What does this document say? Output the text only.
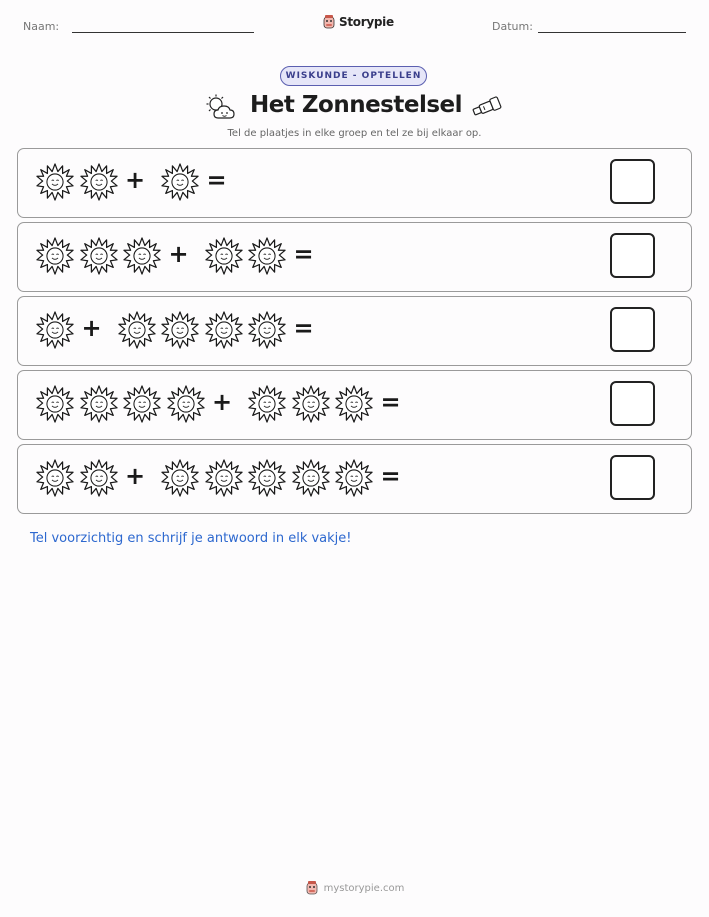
Naam:	Storypie	Datum:
WISKUNDE - OPTELLEN
Het Zonnestelsel
Tel de plaatjes in elke groep en tel ze bij elkaar op.
+	=
+	=
+	=
+	=
+	=
Tel voorzichtig en schrijf je antwoord in elk vakje!
mystorypie.com
